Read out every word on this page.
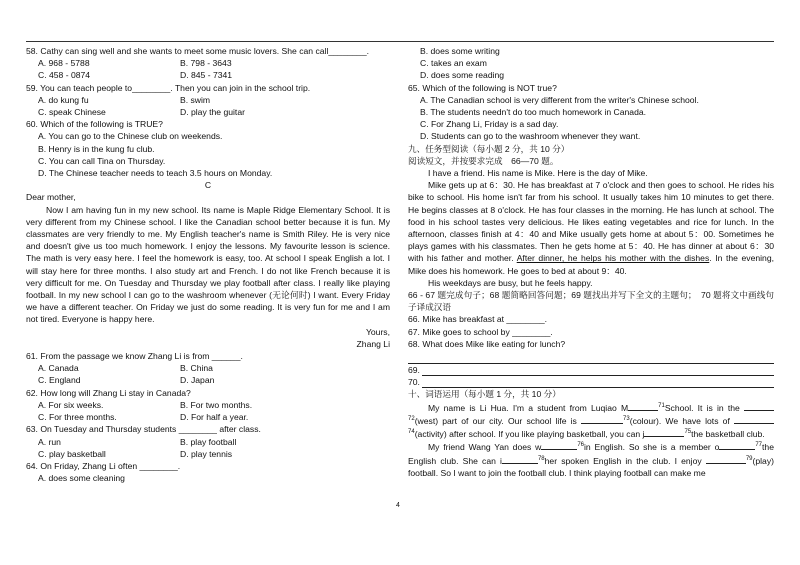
58. Cathy can sing well and she wants to meet some music lovers. She can call________.
A. 968 - 5788	B. 798 - 3643
C. 458 - 0874	D. 845 - 7341
59. You can teach people to________. Then you can join in the school trip.
A. do kung fu	B. swim
C. speak Chinese	D. play the guitar
60. Which of the following is TRUE?
A. You can go to the Chinese club on weekends.
B. Henry is in the kung fu club.
C. You can call Tina on Thursday.
D. The Chinese teacher needs to teach 3.5 hours on Monday.
C
Dear mother,
Now I am having fun in my new school. Its name is Maple Ridge Elementary School. It is very different from my Chinese school. I like the Canadian school better because it is fun. My classmates are very friendly to me. My English teacher's name is Smith Riley. He is very nice and doesn't give us too much homework. I enjoy the lessons. My favourite lesson is science. The math is very easy here. I feel the homework is easy, too. At school I speak English a lot. I will stay here for three months. I also study art and French. I do not like French because it is very difficult for me. On Tuesday and Thursday we play football after class. I really like playing football. In my new school I can go to the washroom whenever (无论何时) I want. Every Friday we have a different teacher. On Friday we just do some reading. It is very fun for me and I am not tired. Everyone is happy here.
Yours,
Zhang Li
61. From the passage we know Zhang Li is from ______.
A. Canada	B. China
C. England	D. Japan
62. How long will Zhang Li stay in Canada?
A. For six weeks.	B. For two months.
C. For three months.	D. For half a year.
63. On Tuesday and Thursday students ________ after class.
A. run	B. play football
C. play basketball	D. play tennis
64. On Friday, Zhang Li often ________.
A. does some cleaning
B. does some writing
C. takes an exam
D. does some reading
65. Which of the following is NOT true?
A. The Canadian school is very different from the writer's Chinese school.
B. The students needn't do too much homework in Canada.
C. For Zhang Li, Friday is a sad day.
D. Students can go to the washroom whenever they want.
九、任务型阅读（每小题 2 分，共 10 分）
阅读短文，并按要求完成　66—70 题。
I have a friend. His name is Mike. Here is the day of Mike.
Mike gets up at 6：30. He has breakfast at 7 o'clock and then goes to school. He rides his bike to school. His home isn't far from his school. It usually takes him 10 minutes to get there. He begins classes at 8 o'clock. He has four classes in the morning. He has lunch at school. The food in his school tastes very delicious. He likes eating vegetables and rice for lunch. In the afternoon, classes finish at 4：40 and Mike usually gets home at about 5：00. Sometimes he plays games with his classmates. Then he gets home at 5：40. He has dinner at about 6：30 with his father and mother. After dinner, he helps his mother with the dishes. In the evening, Mike does his homework. He goes to bed at about 9：40.
His weekdays are busy, but he feels happy.
66 - 67 题完成句子；68 题简略回答问题；69 题找出并写下全文的主题句；　70 题将文中画线句子译成汉语
66. Mike has breakfast at ________.
67. Mike goes to school by ________.
68. What does Mike like eating for lunch?
69.
70.
十、词语运用（每小题 1 分，共 10 分）
My name is Li Hua. I'm a student from Luqiao M	$^{71}$School. It is in the $^{72}$(west) part of our city. Our school life is	$^{73}$(colour). We have lots of $^{74}$(activity) after school. If you like playing basketball, you can j	$^{75}$the basketball club.
My friend Wang Yan does w	$^{76}$in English. So she is a member o	$^{77}$the English club. She can i	$^{78}$her spoken English in the club. I enjoy	$^{79}$(play) football. So I want to join the football club. I think playing football can make me
4
